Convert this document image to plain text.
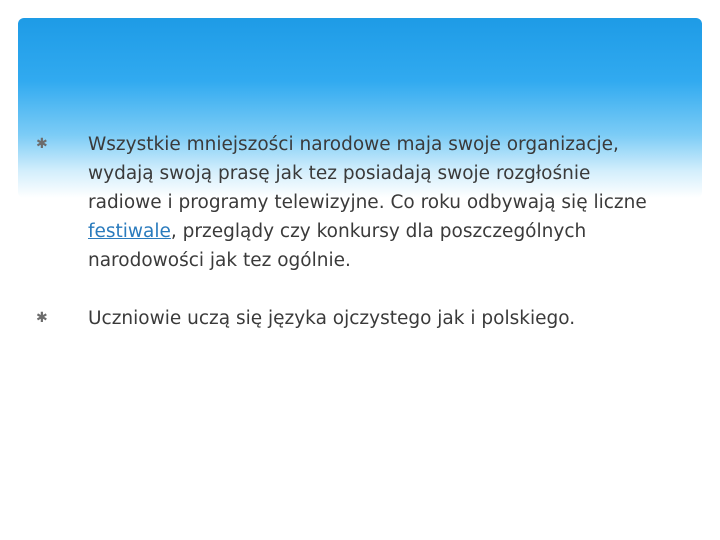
✱ Wszystkie mniejszości narodowe maja swoje organizacje, wydają swoją prasę jak tez posiadają swoje rozgłośnie radiowe i programy telewizyjne. Co roku odbywają się liczne festiwale, przeglądy czy konkursy dla poszczególnych narodowości jak tez ogólnie.
✱ Uczniowie uczą się języka ojczystego jak i polskiego.
